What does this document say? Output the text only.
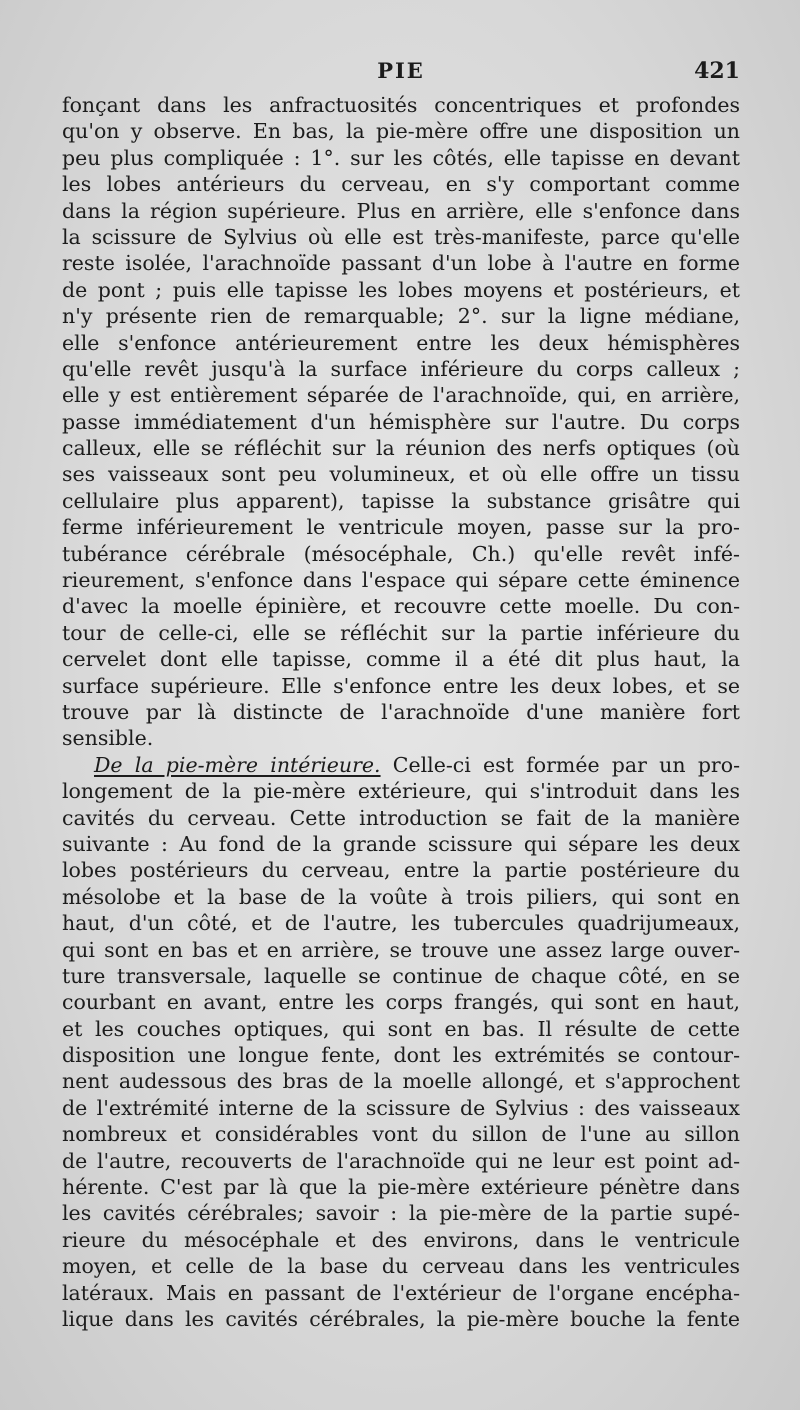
PIE	421
fonçant dans les anfractuosités concentriques et profondes
qu'on y observe. En bas, la pie-mère offre une disposition un
peu plus compliquée : 1°. sur les côtés, elle tapisse en devant
les lobes antérieurs du cerveau, en s'y comportant comme
dans la région supérieure. Plus en arrière, elle s'enfonce dans
la scissure de Sylvius où elle est très-manifeste, parce qu'elle
reste isolée, l'arachnoïde passant d'un lobe à l'autre en forme
de pont ; puis elle tapisse les lobes moyens et postérieurs, et
n'y présente rien de remarquable; 2°. sur la ligne médiane,
elle s'enfonce antérieurement entre les deux hémisphères
qu'elle revêt jusqu'à la surface inférieure du corps calleux ;
elle y est entièrement séparée de l'arachnoïde, qui, en arrière,
passe immédiatement d'un hémisphère sur l'autre. Du corps
calleux, elle se réfléchit sur la réunion des nerfs optiques (où
ses vaisseaux sont peu volumineux, et où elle offre un tissu
cellulaire plus apparent), tapisse la substance grisâtre qui
ferme inférieurement le ventricule moyen, passe sur la pro-
tubérance cérébrale (mésocéphale, Ch.) qu'elle revêt infé-
rieurement, s'enfonce dans l'espace qui sépare cette éminence
d'avec la moelle épinière, et recouvre cette moelle. Du con-
tour de celle-ci, elle se réfléchit sur la partie inférieure du
cervelet dont elle tapisse, comme il a été dit plus haut, la
surface supérieure. Elle s'enfonce entre les deux lobes, et se
trouve par là distincte de l'arachnoïde d'une manière fort
sensible.
De la pie-mère intérieure. Celle-ci est formée par un pro-
longement de la pie-mère extérieure, qui s'introduit dans les
cavités du cerveau. Cette introduction se fait de la manière
suivante : Au fond de la grande scissure qui sépare les deux
lobes postérieurs du cerveau, entre la partie postérieure du
mésolobe et la base de la voûte à trois piliers, qui sont en
haut, d'un côté, et de l'autre, les tubercules quadrijumeaux,
qui sont en bas et en arrière, se trouve une assez large ouver-
ture transversale, laquelle se continue de chaque côté, en se
courbant en avant, entre les corps frangés, qui sont en haut,
et les couches optiques, qui sont en bas. Il résulte de cette
disposition une longue fente, dont les extrémités se contour-
nent audessous des bras de la moelle allongé, et s'approchent
de l'extrémité interne de la scissure de Sylvius : des vaisseaux
nombreux et considérables vont du sillon de l'une au sillon
de l'autre, recouverts de l'arachnoïde qui ne leur est point ad-
hérente. C'est par là que la pie-mère extérieure pénètre dans
les cavités cérébrales; savoir : la pie-mère de la partie supé-
rieure du mésocéphale et des environs, dans le ventricule
moyen, et celle de la base du cerveau dans les ventricules
latéraux. Mais en passant de l'extérieur de l'organe encépha-
lique dans les cavités cérébrales, la pie-mère bouche la fente
